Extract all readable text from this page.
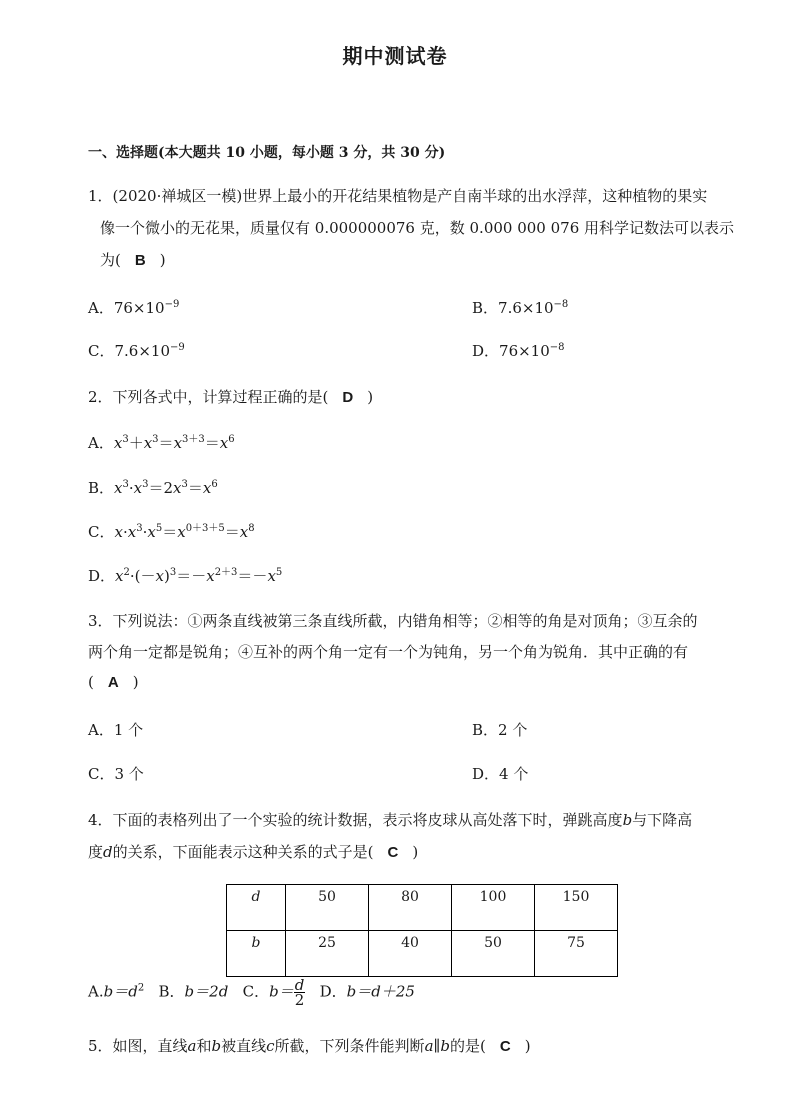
期中测试卷
一、选择题(本大题共 10 小题，每小题 3 分，共 30 分)
1．(2020·禅城区一模)世界上最小的开花结果植物是产自南半球的出水浮萍，这种植物的果实
像一个微小的无花果，质量仅有 0.000000076 克，数 0.000 000 076 用科学记数法可以表示
为( B )
A．$76\times 10^{-9}$	B．$7.6\times 10^{-8}$
C．$7.6\times 10^{-9}$	D．$76\times 10^{-8}$
2．下列各式中，计算过程正确的是( D )
A．$x^3+x^3=x^{3+3}=x^6$
B．$x^3\cdot x^3=2x^3=x^6$
C．$x\cdot x^3\cdot x^5=x^{0+3+5}=x^8$
D．$x^2\cdot(-x)^3=-x^{2+3}=-x^5$
3．下列说法：①两条直线被第三条直线所截，内错角相等；②相等的角是对顶角；③互余的
两个角一定都是锐角；④互补的两个角一定有一个为钝角，另一个角为锐角．其中正确的有
( A )
A．1 个	B．2 个
C．3 个	D．4 个
4．下面的表格列出了一个实验的统计数据，表示将皮球从高处落下时，弹跳高度b与下降高
度d的关系，下面能表示这种关系的式子是( C )
d	50	80	100	150
b	25	40	50	75
$A.b=d^2$ B．b＝2d C．$b= \frac{d}{2}$ D．b＝d＋25
5．如图，直线a和b被直线c所截，下列条件能判断a∥b的是( C )
